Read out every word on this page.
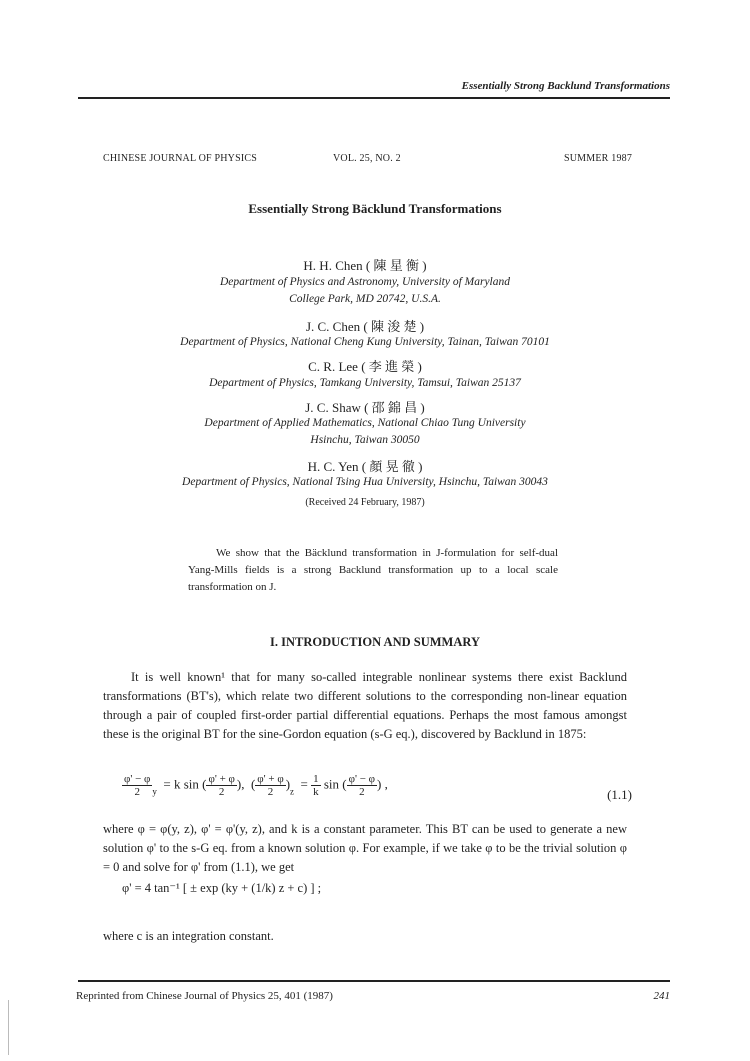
Essentially Strong Backlund Transformations
CHINESE JOURNAL OF PHYSICS	VOL. 25, NO. 2	SUMMER 1987
Essentially Strong Bäcklund Transformations
H. H. Chen ( 陳 星 衡 )
Department of Physics and Astronomy, University of Maryland
College Park, MD 20742, U.S.A.
J. C. Chen ( 陳 浚 楚 )
Department of Physics, National Cheng Kung University, Tainan, Taiwan 70101
C. R. Lee ( 李 進 榮 )
Department of Physics, Tamkang University, Tamsui, Taiwan 25137
J. C. Shaw ( 邵 錦 昌 )
Department of Applied Mathematics, National Chiao Tung University
Hsinchu, Taiwan 30050
H. C. Yen ( 顏 晃 徹 )
Department of Physics, National Tsing Hua University, Hsinchu, Taiwan 30043
(Received 24 February, 1987)
We show that the Bäcklund transformation in J-formulation for self-dual Yang-Mills fields is a strong Backlund transformation up to a local scale transformation on J.
I. INTRODUCTION AND SUMMARY
It is well known¹ that for many so-called integrable nonlinear systems there exist Backlund transformations (BT's), which relate two different solutions to the corresponding non-linear equation through a pair of coupled first-order partial differential equations. Perhaps the most famous amongst these is the original BT for the sine-Gordon equation (s-G eq.), discovered by Backlund in 1875:
$\frac{\varphi' - \varphi}{2} _y = k$ sin ( $\frac{\varphi' + \varphi}{2}$ ),  ( $\frac{\varphi' + \varphi}{2} )_z = \frac{1}{k}$ sin ( $\frac{\varphi' - \varphi}{2}$ ) ,
(1.1)
where φ = φ(y, z), φ' = φ'(y, z), and k is a constant parameter. This BT can be used to generate a new solution φ' to the s-G eq. from a known solution φ. For example, if we take φ to be the trivial solution φ = 0 and solve for φ' from (1.1), we get
φ' = 4 tan⁻¹ [ ± exp (ky + (1/k) z + c) ] ;
where c is an integration constant.
Reprinted from Chinese Journal of Physics 25, 401 (1987)	241
